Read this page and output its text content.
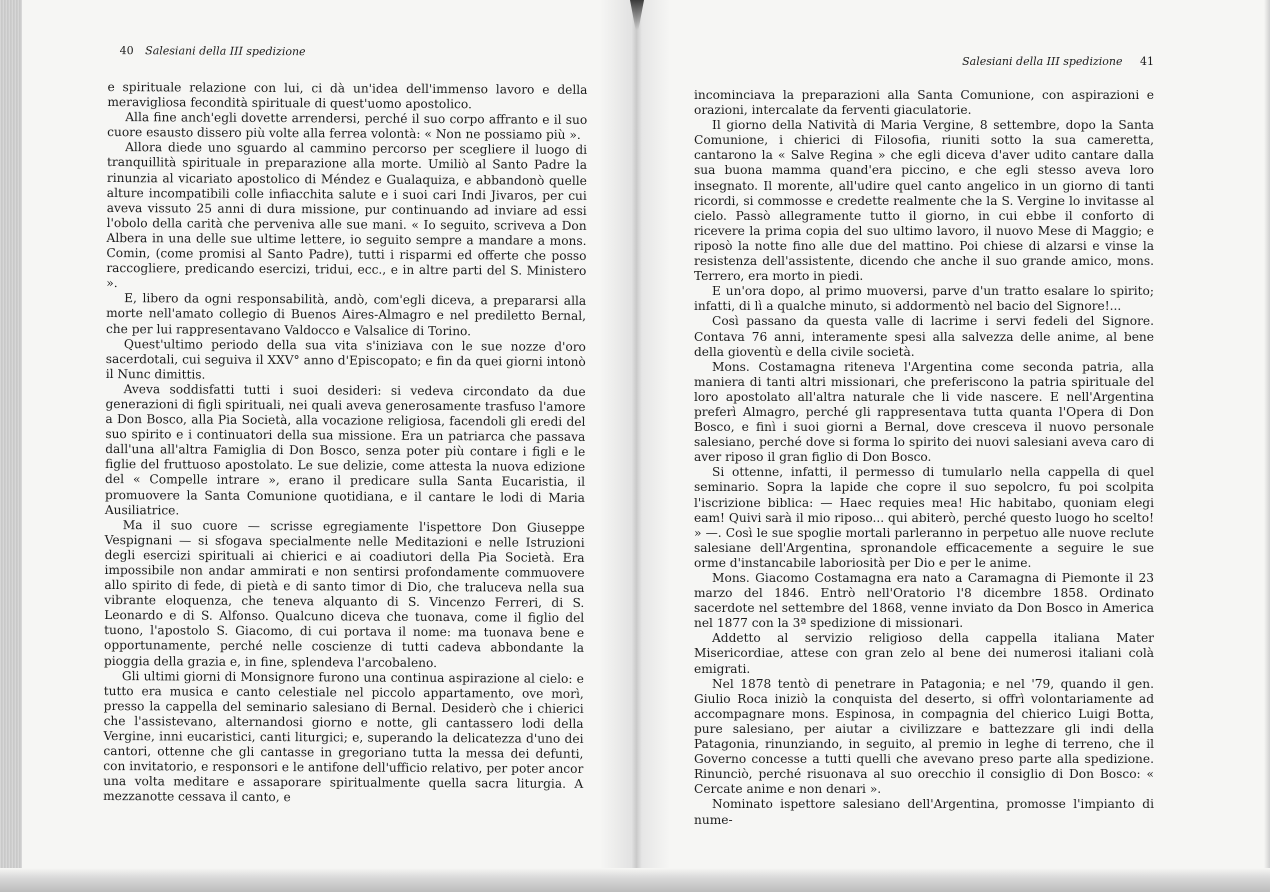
40 Salesiani della III spedizione

e spirituale relazione con lui, ci dà un'idea dell'immenso lavoro e della meravigliosa fecondità spirituale di quest'uomo apostolico.

Alla fine anch'egli dovette arrendersi, perché il suo corpo affranto e il suo cuore esausto dissero più volte alla ferrea volontà: « Non ne possiamo più ».

Allora diede uno sguardo al cammino percorso per scegliere il luogo di tranquillità spirituale in preparazione alla morte. Umiliò al Santo Padre la rinunzia al vicariato apostolico di Méndez e Gualaquiza, e abbandonò quelle alture incompatibili colle infiacchita salute e i suoi cari Indi Jivaros, per cui aveva vissuto 25 anni di dura missione, pur continuando ad inviare ad essi l'obolo della carità che perveniva alle sue mani. « Io seguito, scriveva a Don Albera in una delle sue ultime lettere, io seguito sempre a mandare a mons. Comin, (come promisi al Santo Padre), tutti i risparmi ed offerte che posso raccogliere, predicando esercizi, tridui, ecc., e in altre parti del S. Ministero ».

E, libero da ogni responsabilità, andò, com'egli diceva, a prepararsi alla morte nell'amato collegio di Buenos Aires-Almagro e nel prediletto Bernal, che per lui rappresentavano Valdocco e Valsalice di Torino.

Quest'ultimo periodo della sua vita s'iniziava con le sue nozze d'oro sacerdotali, cui seguiva il XXV° anno d'Episcopato; e fin da quei giorni intonò il Nunc dimittis.

Aveva soddisfatti tutti i suoi desideri: si vedeva circondato da due generazioni di figli spirituali, nei quali aveva generosamente trasfuso l'amore a Don Bosco, alla Pia Società, alla vocazione religiosa, facendoli gli eredi del suo spirito e i continuatori della sua missione. Era un patriarca che passava dall'una all'altra Famiglia di Don Bosco, senza poter più contare i figli e le figlie del fruttuoso apostolato. Le sue delizie, come attesta la nuova edizione del « Compelle intrare », erano il predicare sulla Santa Eucaristia, il promuovere la Santa Comunione quotidiana, e il cantare le lodi di Maria Ausiliatrice.

Ma il suo cuore — scrisse egregiamente l'ispettore Don Giuseppe Vespignani — si sfogava specialmente nelle Meditazioni e nelle Istruzioni degli esercizi spirituali ai chierici e ai coadiutori della Pia Società. Era impossibile non andar ammirati e non sentirsi profondamente commuovere allo spirito di fede, di pietà e di santo timor di Dio, che traluceva nella sua vibrante eloquenza, che teneva alquanto di S. Vincenzo Ferreri, di S. Leonardo e di S. Alfonso. Qualcuno diceva che tuonava, come il figlio del tuono, l'apostolo S. Giacomo, di cui portava il nome: ma tuonava bene e opportunamente, perché nelle coscienze di tutti cadeva abbondante la pioggia della grazia e, in fine, splendeva l'arcobaleno.

Gli ultimi giorni di Monsignore furono una continua aspirazione al cielo: e tutto era musica e canto celestiale nel piccolo appartamento, ove morì, presso la cappella del seminario salesiano di Bernal. Desiderò che i chierici che l'assistevano, alternandosi giorno e notte, gli cantassero lodi della Vergine, inni eucaristici, canti liturgici; e, superando la delicatezza d'uno dei cantori, ottenne che gli cantasse in gregoriano tutta la messa dei defunti, con invitatorio, e responsori e le antifone dell'ufficio relativo, per poter ancor una volta meditare e assaporare spiritualmente quella sacra liturgia. A mezzanotte cessava il canto, e

Salesiani della III spedizione 41

incominciava la preparazioni alla Santa Comunione, con aspirazioni e orazioni, intercalate da ferventi giaculatorie.

Il giorno della Natività di Maria Vergine, 8 settembre, dopo la Santa Comunione, i chierici di Filosofia, riuniti sotto la sua cameretta, cantarono la « Salve Regina » che egli diceva d'aver udito cantare dalla sua buona mamma quand'era piccino, e che egli stesso aveva loro insegnato. Il morente, all'udire quel canto angelico in un giorno di tanti ricordi, si commosse e credette realmente che la S. Vergine lo invitasse al cielo. Passò allegramente tutto il giorno, in cui ebbe il conforto di ricevere la prima copia del suo ultimo lavoro, il nuovo Mese di Maggio; e riposò la notte fino alle due del mattino. Poi chiese di alzarsi e vinse la resistenza dell'assistente, dicendo che anche il suo grande amico, mons. Terrero, era morto in piedi.

E un'ora dopo, al primo muoversi, parve d'un tratto esalare lo spirito; infatti, di lì a qualche minuto, si addormentò nel bacio del Signore!...

Così passano da questa valle di lacrime i servi fedeli del Signore. Contava 76 anni, interamente spesi alla salvezza delle anime, al bene della gioventù e della civile società.

Mons. Costamagna riteneva l'Argentina come seconda patria, alla maniera di tanti altri missionari, che preferiscono la patria spirituale del loro apostolato all'altra naturale che li vide nascere. E nell'Argentina preferì Almagro, perché gli rappresentava tutta quanta l'Opera di Don Bosco, e finì i suoi giorni a Bernal, dove cresceva il nuovo personale salesiano, perché dove si forma lo spirito dei nuovi salesiani aveva caro di aver riposo il gran figlio di Don Bosco.

Si ottenne, infatti, il permesso di tumularlo nella cappella di quel seminario. Sopra la lapide che copre il suo sepolcro, fu poi scolpita l'iscrizione biblica: — Haec requies mea! Hic habitabo, quoniam elegi eam! Quivi sarà il mio riposo... qui abiterò, perché questo luogo ho scelto! » —. Così le sue spoglie mortali parleranno in perpetuo alle nuove reclute salesiane dell'Argentina, spronandole efficacemente a seguire le sue orme d'instancabile laboriosità per Dio e per le anime.

Mons. Giacomo Costamagna era nato a Caramagna di Piemonte il 23 marzo del 1846. Entrò nell'Oratorio l'8 dicembre 1858. Ordinato sacerdote nel settembre del 1868, venne inviato da Don Bosco in America nel 1877 con la 3ª spedizione di missionari.

Addetto al servizio religioso della cappella italiana Mater Misericordiae, attese con gran zelo al bene dei numerosi italiani colà emigrati.

Nel 1878 tentò di penetrare in Patagonia; e nel '79, quando il gen. Giulio Roca iniziò la conquista del deserto, si offrì volontariamente ad accompagnare mons. Espinosa, in compagnia del chierico Luigi Botta, pure salesiano, per aiutar a civilizzare e battezzare gli indi della Patagonia, rinunziando, in seguito, al premio in leghe di terreno, che il Governo concesse a tutti quelli che avevano preso parte alla spedizione. Rinunciò, perché risuonava al suo orecchio il consiglio di Don Bosco: « Cercate anime e non denari ».

Nominato ispettore salesiano dell'Argentina, promosse l'impianto di nume-
